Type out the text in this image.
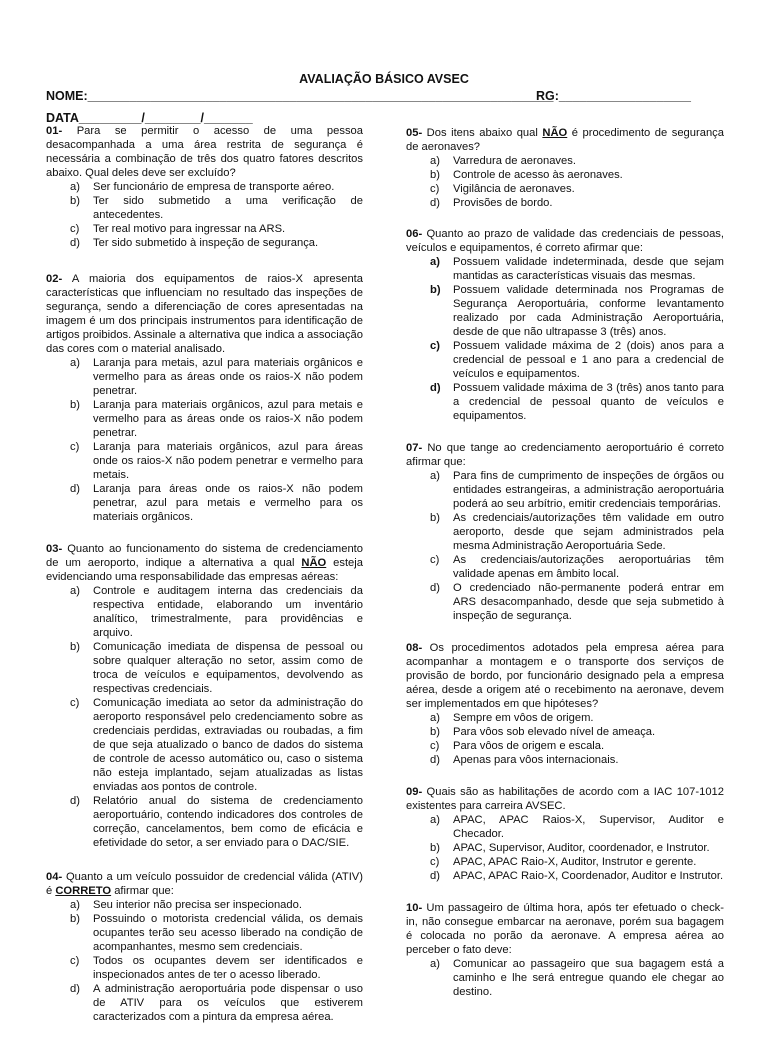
AVALIAÇÃO BÁSICO AVSEC
NOME:___________________________________________________________________
RG:___________________
DATA_________/________/_______

01- Para se permitir o acesso de uma pessoa desacompanhada a uma área restrita de segurança é necessária a combinação de três dos quatro fatores descritos abaixo. Qual deles deve ser excluído?

a) Ser funcionário de empresa de transporte aéreo.
b) Ter sido submetido a uma verificação de antecedentes.
c) Ter real motivo para ingressar na ARS.
d) Ter sido submetido à inspeção de segurança.

02- A maioria dos equipamentos de raios-X apresenta características que influenciam no resultado das inspeções de segurança, sendo a diferenciação de cores apresentadas na imagem é um dos principais instrumentos para identificação de artigos proibidos. Assinale a alternativa que indica a associação das cores com o material analisado.

a) Laranja para metais, azul para materiais orgânicos e vermelho para as áreas onde os raios-X não podem penetrar.
b) Laranja para materiais orgânicos, azul para metais e vermelho para as áreas onde os raios-X não podem penetrar.
c) Laranja para materiais orgânicos, azul para áreas onde os raios-X não podem penetrar e vermelho para metais.
d) Laranja para áreas onde os raios-X não podem penetrar, azul para metais e vermelho para os materiais orgânicos.

03- Quanto ao funcionamento do sistema de credenciamento de um aeroporto, indique a alternativa a qual NÃO esteja evidenciando uma responsabilidade das empresas aéreas:

a) Controle e auditagem interna das credenciais da respectiva entidade, elaborando um inventário analítico, trimestralmente, para providências e arquivo.
b) Comunicação imediata de dispensa de pessoal ou sobre qualquer alteração no setor, assim como de troca de veículos e equipamentos, devolvendo as respectivas credenciais.
c) Comunicação imediata ao setor da administração do aeroporto responsável pelo credenciamento sobre as credenciais perdidas, extraviadas ou roubadas, a fim de que seja atualizado o banco de dados do sistema de controle de acesso automático ou, caso o sistema não esteja implantado, sejam atualizadas as listas enviadas aos pontos de controle.
d) Relatório anual do sistema de credenciamento aeroportuário, contendo indicadores dos controles de correção, cancelamentos, bem como de eficácia e efetividade do setor, a ser enviado para o DAC/SIE.

04- Quanto a um veículo possuidor de credencial válida (ATIV) é CORRETO afirmar que:

a) Seu interior não precisa ser inspecionado.
b) Possuindo o motorista credencial válida, os demais ocupantes terão seu acesso liberado na condição de acompanhantes, mesmo sem credenciais.
c) Todos os ocupantes devem ser identificados e inspecionados antes de ter o acesso liberado.
d) A administração aeroportuária pode dispensar o uso de ATIV para os veículos que estiverem caracterizados com a pintura da empresa aérea.

05- Dos itens abaixo qual NÃO é procedimento de segurança de aeronaves?

a) Varredura de aeronaves.
b) Controle de acesso às aeronaves.
c) Vigilância de aeronaves.
d) Provisões de bordo.

06- Quanto ao prazo de validade das credenciais de pessoas, veículos e equipamentos, é correto afirmar que:

a) Possuem validade indeterminada, desde que sejam mantidas as características visuais das mesmas.
b) Possuem validade determinada nos Programas de Segurança Aeroportuária, conforme levantamento realizado por cada Administração Aeroportuária, desde de que não ultrapasse 3 (três) anos.
c) Possuem validade máxima de 2 (dois) anos para a credencial de pessoal e 1 ano para a credencial de veículos e equipamentos.
d) Possuem validade máxima de 3 (três) anos tanto para a credencial de pessoal quanto de veículos e equipamentos.

07- No que tange ao credenciamento aeroportuário é correto afirmar que:

a) Para fins de cumprimento de inspeções de órgãos ou entidades estrangeiras, a administração aeroportuária poderá ao seu arbítrio, emitir credenciais temporárias.
b) As credenciais/autorizações têm validade em outro aeroporto, desde que sejam administrados pela mesma Administração Aeroportuária Sede.
c) As credenciais/autorizações aeroportuárias têm validade apenas em âmbito local.
d) O credenciado não-permanente poderá entrar em ARS desacompanhado, desde que seja submetido à inspeção de segurança.

08- Os procedimentos adotados pela empresa aérea para acompanhar a montagem e o transporte dos serviços de provisão de bordo, por funcionário designado pela a empresa aérea, desde a origem até o recebimento na aeronave, devem ser implementados em que hipóteses?

a) Sempre em vôos de origem.
b) Para vôos sob elevado nível de ameaça.
c) Para vôos de origem e escala.
d) Apenas para vôos internacionais.

09- Quais são as habilitações de acordo com a IAC 107-1012 existentes para carreira AVSEC.

a) APAC, APAC Raios-X, Supervisor, Auditor e Checador.
b) APAC, Supervisor, Auditor, coordenador, e Instrutor.
c) APAC, APAC Raio-X, Auditor, Instrutor e gerente.
d) APAC, APAC Raio-X, Coordenador, Auditor e Instrutor.

10- Um passageiro de última hora, após ter efetuado o check-in, não consegue embarcar na aeronave, porém sua bagagem é colocada no porão da aeronave. A empresa aérea ao perceber o fato deve:

a) Comunicar ao passageiro que sua bagagem está a caminho e lhe será entregue quando ele chegar ao destino.
